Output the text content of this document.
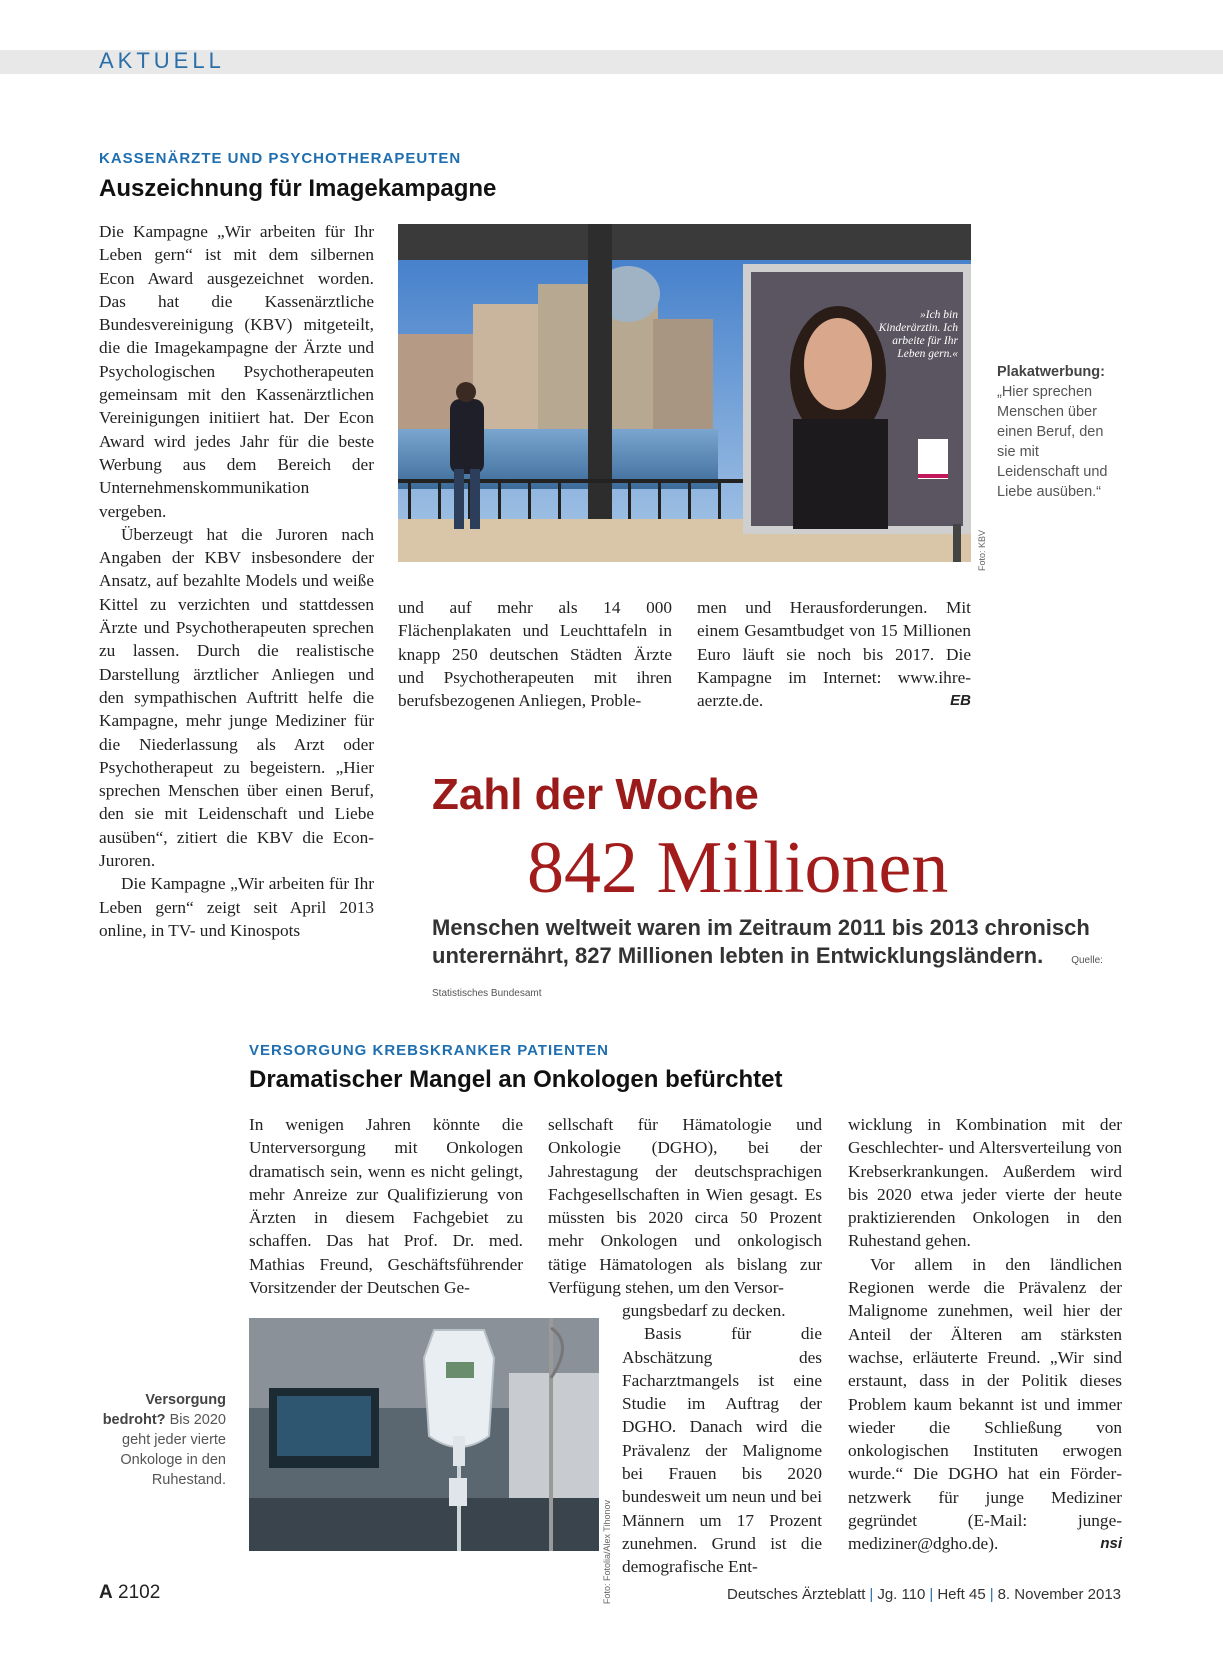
AKTUELL
KASSENÄRZTE UND PSYCHOTHERAPEUTEN
Auszeichnung für Imagekampagne

Die Kampagne „Wir arbeiten für Ihr Leben gern“ ist mit dem silbernen Econ Award ausgezeichnet worden. Das hat die Kassenärztliche Bundesvereinigung (KBV) mitgeteilt, die die Imagekampagne der Ärzte und Psychologischen Psychotherapeuten gemeinsam mit den Kassenärztlichen Vereinigungen initiiert hat. Der Econ Award wird jedes Jahr für die beste Werbung aus dem Bereich der Unternehmenskommunikation vergeben.

Überzeugt hat die Juroren nach Angaben der KBV insbesondere der Ansatz, auf bezahlte Models und weiße Kittel zu verzichten und stattdessen Ärzte und Psychotherapeuten sprechen zu lassen. Durch die realistische Darstellung ärztlicher Anliegen und den sympathischen Auftritt helfe die Kampagne, mehr junge Mediziner für die Niederlassung als Arzt oder Psychotherapeut zu begeistern. „Hier sprechen Menschen über einen Beruf, den sie mit Leidenschaft und Liebe ausüben“, zitiert die KBV die Econ-Juroren.

Die Kampagne „Wir arbeiten für Ihr Leben gern“ zeigt seit April 2013 online, in TV- und Kinospots

»Ich bin Kinderärztin. Ich arbeite für Ihr Leben gern.«
Foto: KBV
Plakatwerbung:
„Hier sprechen Menschen über einen Beruf, den sie mit Leidenschaft und Liebe ausüben.“

und auf mehr als 14 000 Flächenplakaten und Leuchttafeln in knapp 250 deutschen Städten Ärzte und Psychotherapeuten mit ihren berufsbezogenen Anliegen, Proble-

men und Herausforderungen. Mit einem Gesamtbudget von 15 Millionen Euro läuft sie noch bis 2017. Die Kampagne im Internet: www.ihre-aerzte.de.	EB

Zahl der Woche
842 Millionen
Menschen weltweit waren im Zeitraum 2011 bis 2013 chronisch unterernährt, 827 Millionen lebten in Entwicklungsländern.	Quelle: Statistisches Bundesamt
VERSORGUNG KREBSKRANKER PATIENTEN
Dramatischer Mangel an Onkologen befürchtet

In wenigen Jahren könnte die Unterversorgung mit Onkologen dramatisch sein, wenn es nicht gelingt, mehr Anreize zur Qualifizierung von Ärzten in diesem Fachgebiet zu schaffen. Das hat Prof. Dr. med. Mathias Freund, Geschäftsführender Vorsitzender der Deutschen Ge-

sellschaft für Hämatologie und Onkologie (DGHO), bei der Jahrestagung der deutschsprachigen Fachgesellschaften in Wien gesagt. Es müssten bis 2020 circa 50 Prozent mehr Onkologen und onkologisch tätige Hämatologen als bislang zur Verfügung stehen, um den Versor-

gungsbedarf zu decken.

Basis für die Abschätzung des Facharztmangels ist eine Studie im Auftrag der DGHO. Danach wird die Prävalenz der Malignome bei Frauen bis 2020 bundesweit um neun und bei Männern um 17 Prozent zunehmen. Grund ist die demografische Ent-

wicklung in Kombination mit der Geschlechter- und Altersverteilung von Krebserkrankungen. Außerdem wird bis 2020 etwa jeder vierte der heute praktizierenden Onkologen in den Ruhestand gehen.

Vor allem in den ländlichen Regionen werde die Prävalenz der Malignome zunehmen, weil hier der Anteil der Älteren am stärksten wachse, erläuterte Freund. „Wir sind erstaunt, dass in der Politik dieses Problem kaum bekannt ist und immer wieder die Schließung von onkologischen Instituten erwogen wurde.“ Die DGHO hat ein Fördernetzwerk für junge Mediziner gegründet (E-Mail: junge-mediziner@dgho.de).	nsi

Foto: Fotolia/Alex Tihonov
Versorgung bedroht? Bis 2020 geht jeder vierte Onkologe in den Ruhestand.
A 2102	Deutsches Ärzteblatt | Jg. 110 | Heft 45 | 8. November 2013
